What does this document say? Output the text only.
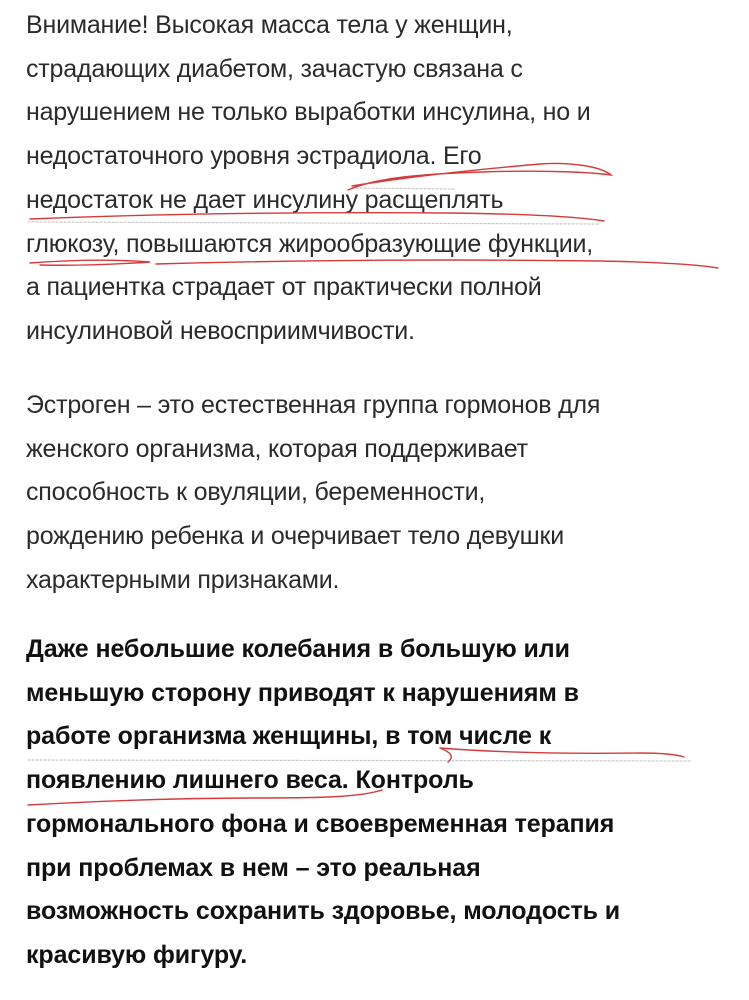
Внимание! Высокая масса тела у женщин,
страдающих диабетом, зачастую связана с
нарушением не только выработки инсулина, но и
недостаточного уровня эстрадиола. Его
недостаток не дает инсулину расщеплять
глюкозу, повышаются жирообразующие функции,
а пациентка страдает от практически полной
инсулиновой невосприимчивости.

Эстроген – это естественная группа гормонов для
женского организма, которая поддерживает
способность к овуляции, беременности,
рождению ребенка и очерчивает тело девушки
характерными признаками.

Даже небольшие колебания в большую или
меньшую сторону приводят к нарушениям в
работе организма женщины, в том числе к
появлению лишнего веса. Контроль
гормонального фона и своевременная терапия
при проблемах в нем – это реальная
возможность сохранить здоровье, молодость и
красивую фигуру.
